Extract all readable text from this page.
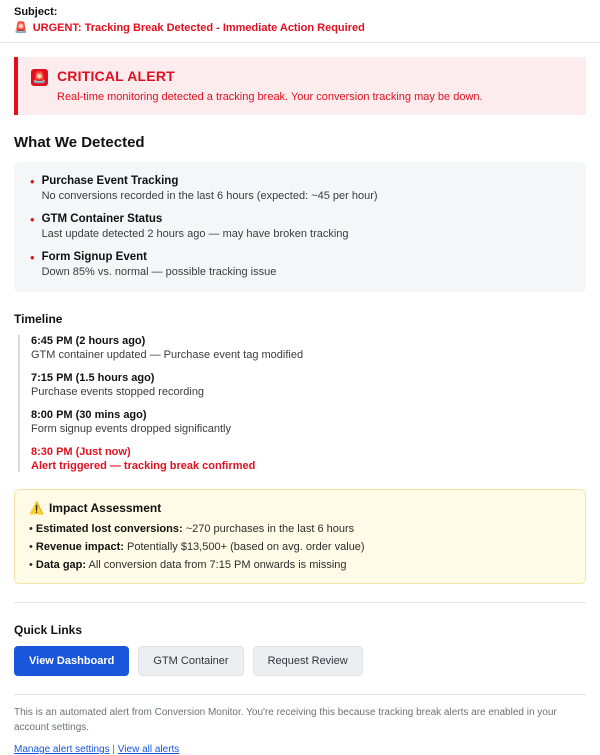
Subject:
🚨 URGENT: Tracking Break Detected - Immediate Action Required
🚨 CRITICAL ALERT

Real-time monitoring detected a tracking break. Your conversion tracking may be down.

What We Detected
• Purchase Event Tracking

No conversions recorded in the last 6 hours (expected: ~45 per hour)

• GTM Container Status

Last update detected 2 hours ago — may have broken tracking

• Form Signup Event

Down 85% vs. normal — possible tracking issue

Timeline

6:45 PM (2 hours ago)

GTM container updated — Purchase event tag modified

7:15 PM (1.5 hours ago)

Purchase events stopped recording

8:00 PM (30 mins ago)

Form signup events dropped significantly

8:30 PM (Just now)

Alert triggered — tracking break confirmed

⚠️ Impact Assessment

• Estimated lost conversions: ~270 purchases in the last 6 hours

• Revenue impact: Potentially $13,500+ (based on avg. order value)

• Data gap: All conversion data from 7:15 PM onwards is missing

Quick Links
View Dashboard	GTM Container	Request Review

This is an automated alert from Conversion Monitor. You're receiving this because tracking break alerts are enabled in your account settings.

Manage alert settings | View all alerts
